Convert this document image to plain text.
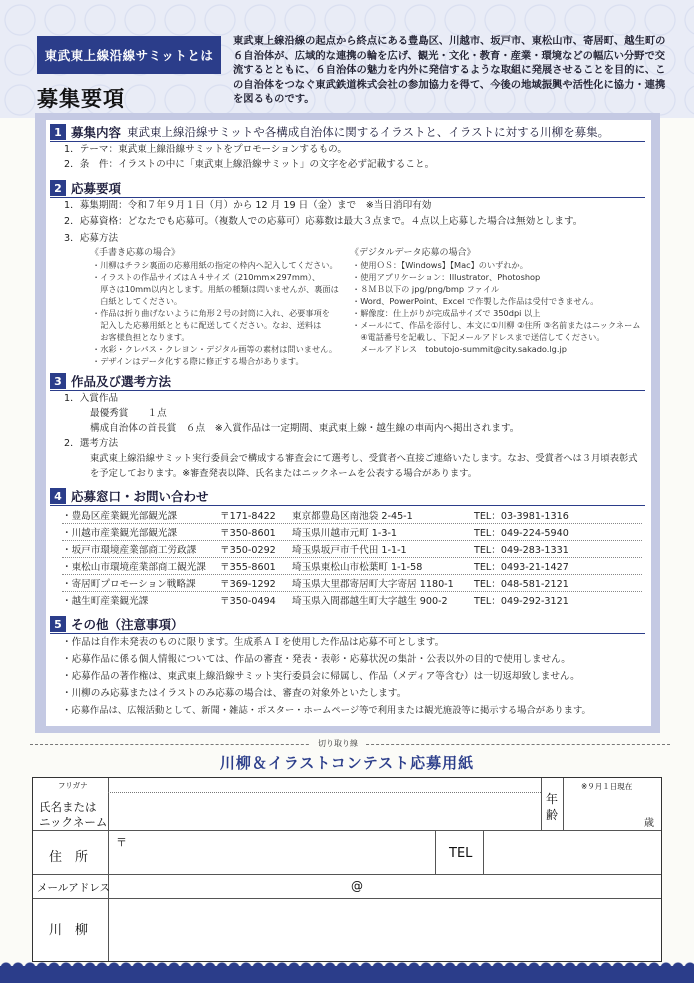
東武東上線沿線サミットとは
東武東上線沿線の起点から終点にある豊島区、川越市、坂戸市、東松山市、寄居町、越生町の６自治体が、広域的な連携の輪を広げ、観光・文化・教育・産業・環境などの幅広い分野で交流するとともに、６自治体の魅力を内外に発信するような取組に発展させることを目的に、この自治体をつなぐ東武鉄道株式会社の参加協力を得て、今後の地域振興や活性化に協力・連携を図るものです。
募集要項
1 募集内容 東武東上線沿線サミットや各構成自治体に関するイラストと、イラストに対する川柳を募集。
1．テーマ：東武東上線沿線サミットをプロモーションするもの。
2．条　件：イラストの中に「東武東上線沿線サミット」の文字を必ず記載すること。
2 応募要項
1．募集期間：令和７年９月１日（月）から 12 月 19 日（金）まで　※当日消印有効
2．応募資格：どなたでも応募可。（複数人での応募可）応募数は最大３点まで。４点以上応募した場合は無効とします。
3．応募方法
《手書き応募の場合》
・川柳はチラシ裏面の応募用紙の指定の枠内へ記入してください。
・イラストの作品サイズはＡ４サイズ（210mm×297mm）、
　厚さは10mm以内とします。用紙の種類は問いませんが、裏面は
　白紙としてください。
・作品は折り曲げないように角形２号の封筒に入れ、必要事項を
　記入した応募用紙とともに配送してください。なお、送料は
　お客様負担となります。
・水彩・クレパス・クレヨン・デジタル画等の素材は問いません。
・デザインはデータ化する際に修正する場合があります。
《デジタルデータ応募の場合》
・使用ＯＳ：【Windows】【Mac】のいずれか。
・使用アプリケーション：Illustrator、Photoshop
・８ＭＢ以下の jpg/png/bmp ファイル
・Word、PowerPoint、Excel で作製した作品は受付できません。
・解像度：仕上がりが完成品サイズで 350dpi 以上
・メールにて、作品を添付し、本文に①川柳 ②住所 ③名前またはニックネーム
　④電話番号を記載し、下記メールアドレスまで送信してください。
　メールアドレス　tobutojo-summit@city.sakado.lg.jp
3 作品及び選考方法
1．入賞作品
最優秀賞　　１点
構成自治体の首長賞　６点　※入賞作品は一定期間、東武東上線・越生線の車両内へ掲出されます。
2．選考方法
東武東上線沿線サミット実行委員会で構成する審査会にて選考し、受賞者へ直接ご連絡いたします。なお、受賞者へは３月頃表彰式
を予定しております。※審査発表以降、氏名またはニックネームを公表する場合があります。
4 応募窓口・お問い合わせ
・豊島区産業観光部観光課	〒171-8422 東京都豊島区南池袋 2-45-1	TEL：03-3981-1316
・川越市産業観光部観光課	〒350-8601 埼玉県川越市元町 1-3-1	TEL：049-224-5940
・坂戸市環境産業部商工労政課 〒350-0292 埼玉県坂戸市千代田 1-1-1	TEL：049-283-1331
・東松山市環境産業部商工観光課 〒355-8601 埼玉県東松山市松葉町 1-1-58	TEL：0493-21-1427
・寄居町プロモーション戦略課	〒369-1292 埼玉県大里郡寄居町大字寄居 1180-1 TEL：048-581-2121
・越生町産業観光課	〒350-0494 埼玉県入間郡越生町大字越生 900-2	TEL：049-292-3121
5 その他（注意事項）
・作品は自作未発表のものに限ります。生成系ＡＩを使用した作品は応募不可とします。
・応募作品に係る個人情報については、作品の審査・発表・表彰・応募状況の集計・公表以外の目的で使用しません。
・応募作品の著作権は、東武東上線沿線サミット実行委員会に帰属し、作品（メディア等含む）は一切返却致しません。
・川柳のみ応募またはイラストのみ応募の場合は、審査の対象外といたします。
・応募作品は、広報活動として、新聞・雑誌・ポスター・ホームページ等で利用または観光施設等に掲示する場合があります。
切り取り線
川柳＆イラストコンテスト応募用紙
フリガナ
氏名または
ニックネーム
年
齢
※９月１日現在
歳
住　所
〒
TEL
メールアドレス	@
川　柳
